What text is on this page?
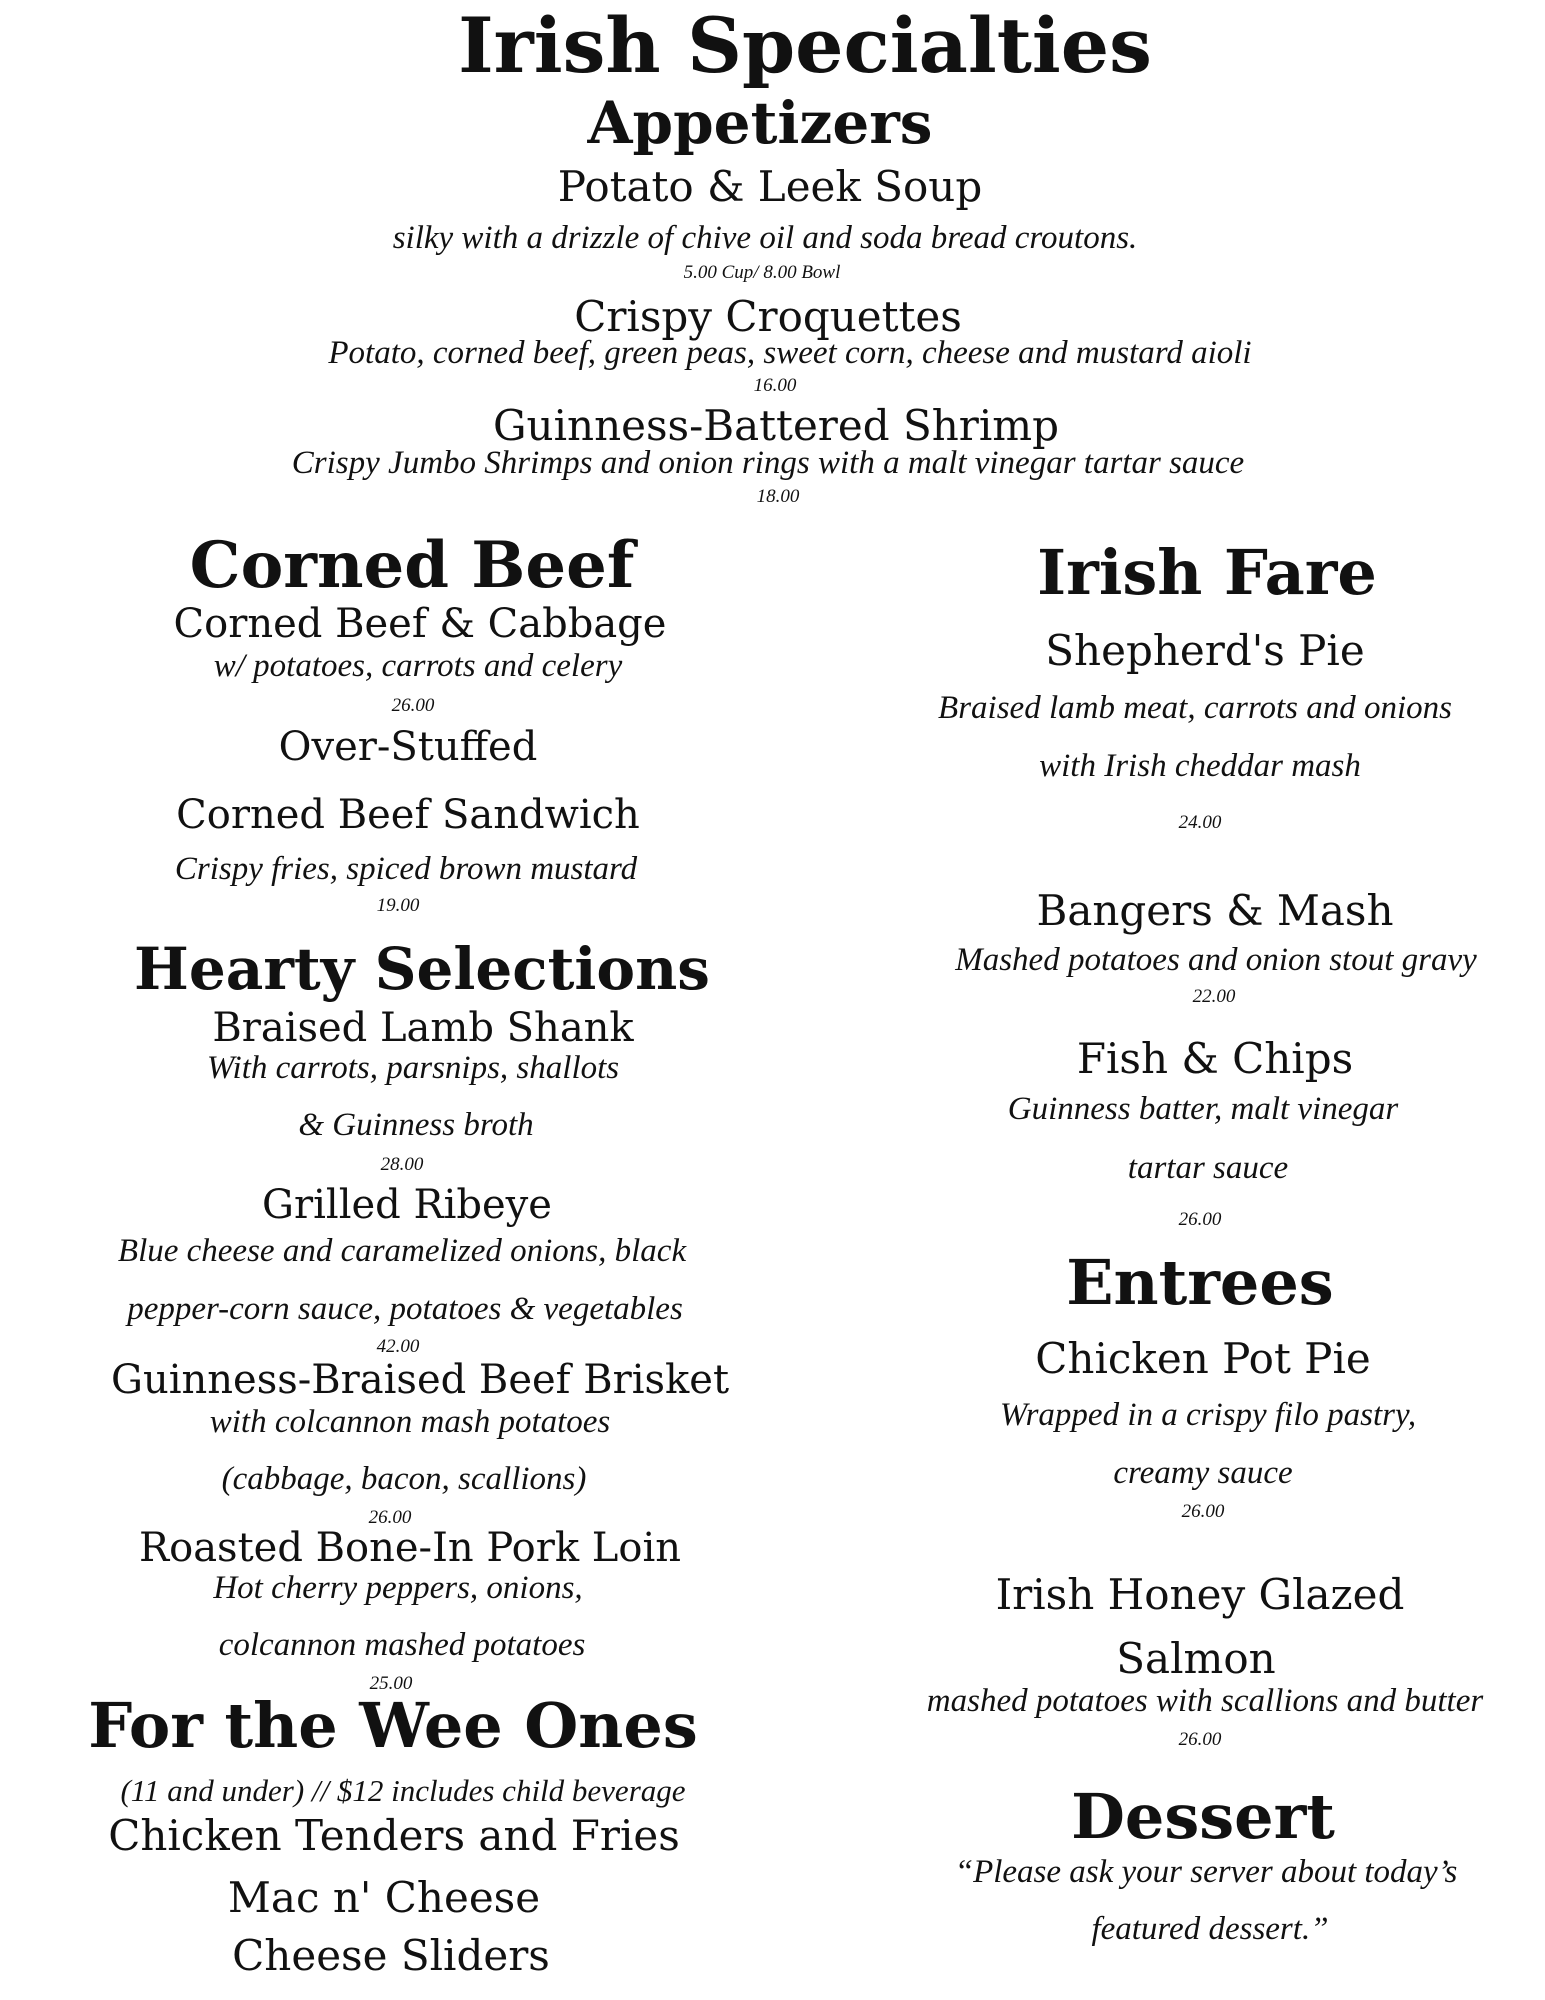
Irish Specialties
Appetizers
Potato & Leek Soup
silky with a drizzle of chive oil and soda bread croutons.
5.00 Cup/ 8.00 Bowl
Crispy Croquettes
Potato, corned beef, green peas, sweet corn, cheese and mustard aioli
16.00
Guinness-Battered Shrimp
Crispy Jumbo Shrimps and onion rings with a malt vinegar tartar sauce
18.00
Corned Beef
Corned Beef & Cabbage
w/ potatoes, carrots and celery
26.00
Over-Stuffed
Corned Beef Sandwich
Crispy fries, spiced brown mustard
19.00
Hearty Selections
Braised Lamb Shank
With carrots, parsnips, shallots
& Guinness broth
28.00
Grilled Ribeye
Blue cheese and caramelized onions, black
pepper-corn sauce, potatoes & vegetables
42.00
Guinness-Braised Beef Brisket
with colcannon mash potatoes
(cabbage, bacon, scallions)
26.00
Roasted Bone-In Pork Loin
Hot cherry peppers, onions,
colcannon mashed potatoes
25.00
For the Wee Ones
(11 and under) // $12 includes child beverage
Chicken Tenders and Fries
Mac n' Cheese
Cheese Sliders
Irish Fare
Shepherd's Pie
Braised lamb meat, carrots and onions
with Irish cheddar mash
24.00
Bangers & Mash
Mashed potatoes and onion stout gravy
22.00
Fish & Chips
Guinness batter, malt vinegar
tartar sauce
26.00
Entrees
Chicken Pot Pie
Wrapped in a crispy filo pastry,
creamy sauce
26.00
Irish Honey Glazed
Salmon
mashed potatoes with scallions and butter
26.00
Dessert
“Please ask your server about today’s
featured dessert.”
